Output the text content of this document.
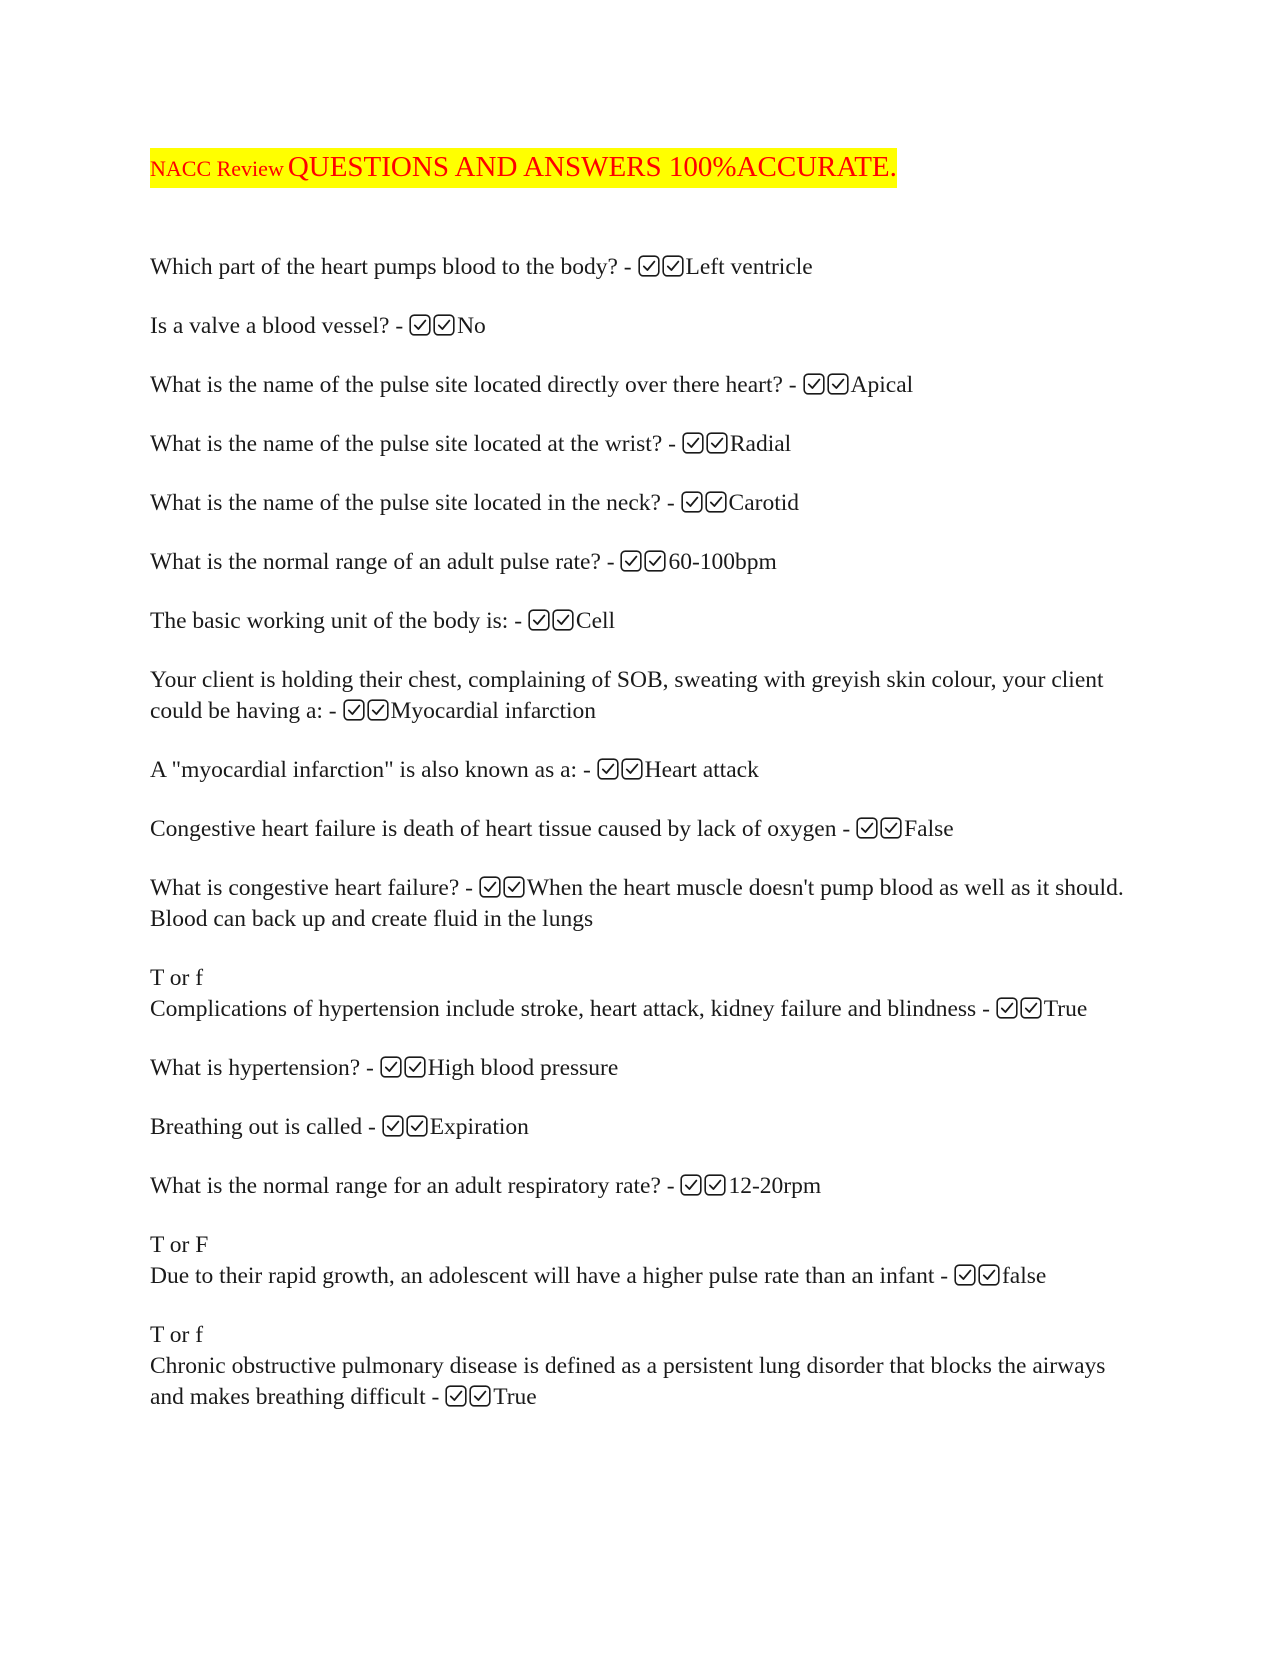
NACC Review QUESTIONS AND ANSWERS 100%ACCURATE.
Which part of the heart pumps blood to the body? - Left ventricle
Is a valve a blood vessel? - No
What is the name of the pulse site located directly over there heart? - Apical
What is the name of the pulse site located at the wrist? - Radial
What is the name of the pulse site located in the neck? - Carotid
What is the normal range of an adult pulse rate? - 60-100bpm
The basic working unit of the body is: - Cell
Your client is holding their chest, complaining of SOB, sweating with greyish skin colour, your client could be having a: - Myocardial infarction
A "myocardial infarction" is also known as a: - Heart attack
Congestive heart failure is death of heart tissue caused by lack of oxygen - False
What is congestive heart failure? - When the heart muscle doesn't pump blood as well as it should. Blood can back up and create fluid in the lungs
T or f
Complications of hypertension include stroke, heart attack, kidney failure and blindness - True
What is hypertension? - High blood pressure
Breathing out is called - Expiration
What is the normal range for an adult respiratory rate? - 12-20rpm
T or F
Due to their rapid growth, an adolescent will have a higher pulse rate than an infant - false
T or f
Chronic obstructive pulmonary disease is defined as a persistent lung disorder that blocks the airways and makes breathing difficult - True
